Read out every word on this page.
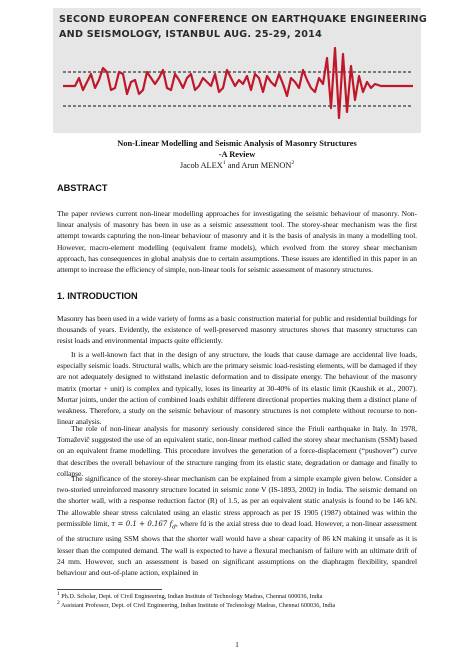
SECOND EUROPEAN CONFERENCE ON EARTHQUAKE ENGINEERING
AND SEISMOLOGY, ISTANBUL AUG. 25-29, 2014
Non-Linear Modelling and Seismic Analysis of Masonry Structures
-A Review
Jacob ALEX$^1$ and Arun MENON$^2$
ABSTRACT

The paper reviews current non-linear modelling approaches for investigating the seismic behaviour of masonry. Non-linear analysis of masonry has been in use as a seismic assessment tool. The storey-shear mechanism was the first attempt towards capturing the non-linear behaviour of masonry and it is the basis of analysis in many a modelling tool. However, macro-element modelling (equivalent frame models), which evolved from the storey shear mechanism approach, has consequences in global analysis due to certain assumptions. These issues are identified in this paper in an attempt to increase the efficiency of simple, non-linear tools for seismic assessment of masonry structures.

1. INTRODUCTION

Masonry has been used in a wide variety of forms as a basic construction material for public and residential buildings for thousands of years. Evidently, the existence of well-preserved masonry structures shows that masonry structures can resist loads and environmental impacts quite efficiently.

It is a well-known fact that in the design of any structure, the loads that cause damage are accidental live loads, especially seismic loads. Structural walls, which are the primary seismic load-resisting elements, will be damaged if they are not adequately designed to withstand inelastic deformation and to dissipate energy. The behaviour of the masonry matrix (mortar + unit) is complex and typically, loses its linearity at 30-40% of its elastic limit (Kaushik et al., 2007). Mortar joints, under the action of combined loads exhibit different directional properties making them a distinct plane of weakness. Therefore, a study on the seismic behaviour of masonry structures is not complete without recourse to non-linear analysis.

The role of non-linear analysis for masonry seriously considered since the Friuli earthquake in Italy. In 1978, Tomaževič suggested the use of an equivalent static, non-linear method called the storey shear mechanism (SSM) based on an equivalent frame modelling. This procedure involves the generation of a force-displacement (“pushover”) curve that describes the overall behaviour of the structure ranging from its elastic state, degradation or damage and finally to collapse.

The significance of the storey-shear mechanism can be explained from a simple example given below. Consider a two-storied unreinforced masonry structure located in seismic zone V (IS-1893, 2002) in India. The seismic demand on the shorter wall, with a response reduction factor (R) of 1.5, as per an equivalent static analysis is found to be 146 kN. The allowable shear stress calculated using an elastic stress approach as per IS 1905 (1987) obtained was within the permissible limit, τ = 0.1 + 0.167 $f_d$, where fd is the axial stress due to dead load. However, a non-linear assessment of the structure using SSM shows that the shorter wall would have a shear capacity of 86 kN making it unsafe as it is lesser than the computed demand. The wall is expected to have a flexural mechanism of failure with an ultimate drift of 24 mm. However, such an assessment is based on significant assumptions on the diaphragm flexibility, spandrel behaviour and out-of-plane action, explained in

$^1$ Ph.D. Scholar, Dept. of Civil Engineering, Indian Institute of Technology Madras, Chennai 600036, India
$^2$ Assistant Professor, Dept. of Civil Engineering, Indian Institute of Technology Madras, Chennai 600036, India
1
